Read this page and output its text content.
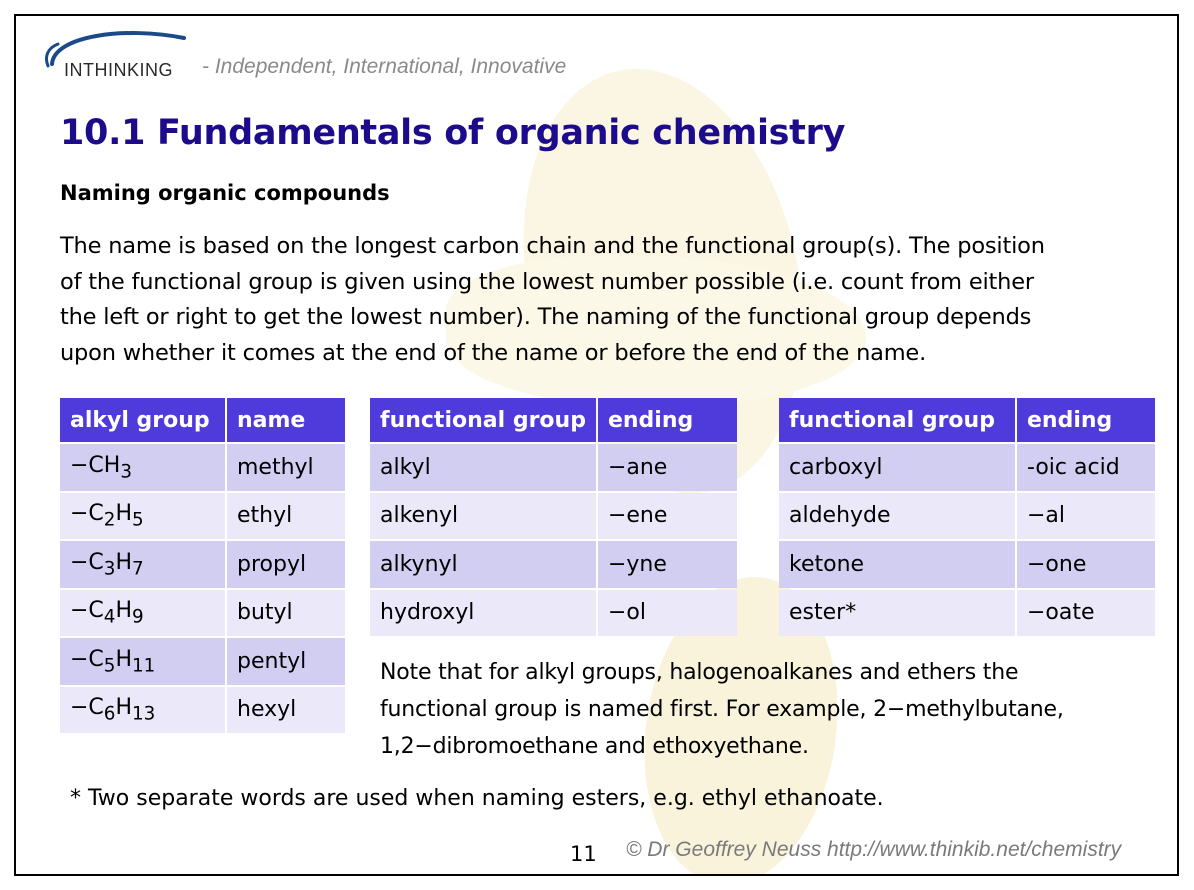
INTHINKING - Independent, International, Innovative
10.1 Fundamentals of organic chemistry
Naming organic compounds
The name is based on the longest carbon chain and the functional group(s). The position
of the functional group is given using the lowest number possible (i.e. count from either
the left or right to get the lowest number). The naming of the functional group depends
upon whether it comes at the end of the name or before the end of the name.
alkyl group	name
$-CH_3$	methyl
$-C_2H_5$	ethyl
$-C_3H_7$	propyl
$-C_4H_9$	butyl
$-C_5H_{11}$	pentyl
$-C_6H_{13}$	hexyl
functional group	ending
alkyl	−ane
alkenyl	−ene
alkynyl	−yne
hydroxyl	−ol
functional group	ending
carboxyl	-oic acid
aldehyde	−al
ketone	−one
ester*	−oate
Note that for alkyl groups, halogenoalkanes and ethers the
functional group is named first. For example, 2−methylbutane,
1,2−dibromoethane and ethoxyethane.
* Two separate words are used when naming esters, e.g. ethyl ethanoate.
11 © Dr Geoffrey Neuss http://www.thinkib.net/chemistry
